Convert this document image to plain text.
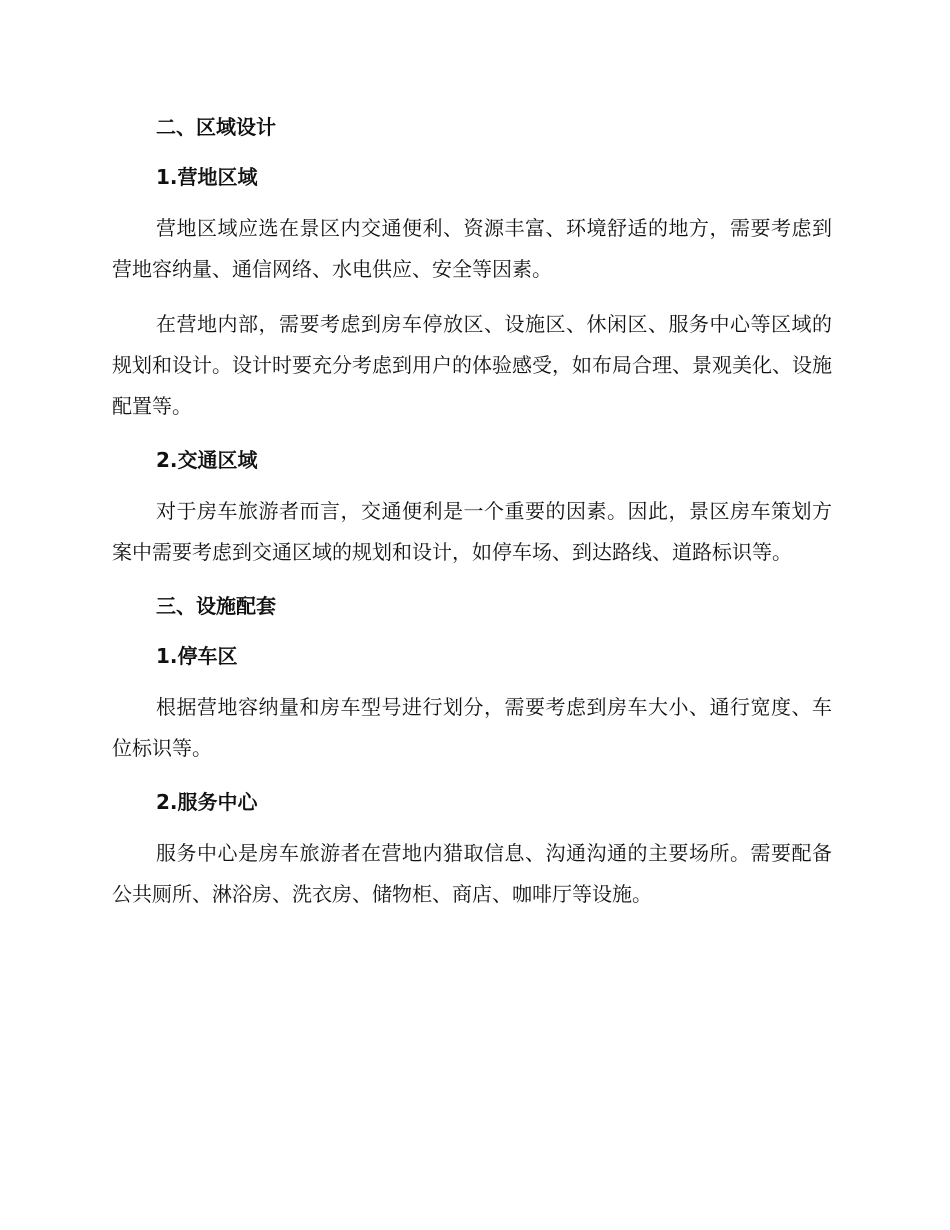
二、区域设计
1.营地区域

营地区域应选在景区内交通便利、资源丰富、环境舒适的地方，需要考虑到营地容纳量、通信网络、水电供应、安全等因素。

在营地内部，需要考虑到房车停放区、设施区、休闲区、服务中心等区域的规划和设计。设计时要充分考虑到用户的体验感受，如布局合理、景观美化、设施配置等。

2.交通区域

对于房车旅游者而言，交通便利是一个重要的因素。因此，景区房车策划方案中需要考虑到交通区域的规划和设计，如停车场、到达路线、道路标识等。

三、设施配套
1.停车区

根据营地容纳量和房车型号进行划分，需要考虑到房车大小、通行宽度、车位标识等。

2.服务中心

服务中心是房车旅游者在营地内猎取信息、沟通沟通的主要场所。需要配备公共厕所、淋浴房、洗衣房、储物柜、商店、咖啡厅等设施。
